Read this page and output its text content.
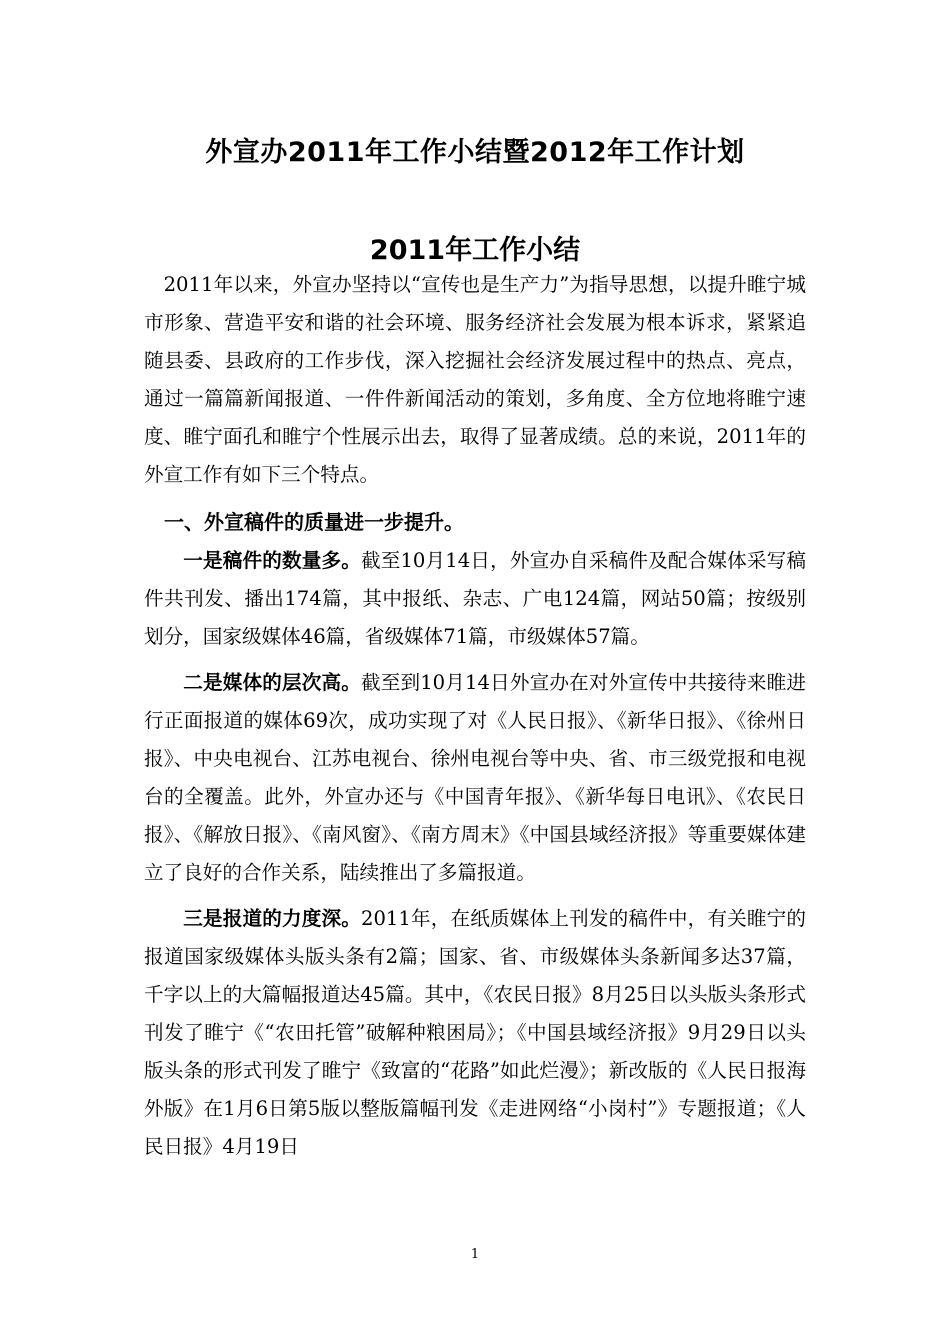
外宣办2011年工作小结暨2012年工作计划
2011年工作小结

2011年以来，外宣办坚持以“宣传也是生产力”为指导思想，以提升睢宁城市形象、营造平安和谐的社会环境、服务经济社会发展为根本诉求，紧紧追随县委、县政府的工作步伐，深入挖掘社会经济发展过程中的热点、亮点，通过一篇篇新闻报道、一件件新闻活动的策划，多角度、全方位地将睢宁速度、睢宁面孔和睢宁个性展示出去，取得了显著成绩。总的来说，2011年的外宣工作有如下三个特点。

一、外宣稿件的质量进一步提升。

一是稿件的数量多。截至10月14日，外宣办自采稿件及配合媒体采写稿件共刊发、播出174篇，其中报纸、杂志、广电124篇，网站50篇；按级别划分，国家级媒体46篇，省级媒体71篇，市级媒体57篇。

二是媒体的层次高。截至到10月14日外宣办在对外宣传中共接待来睢进行正面报道的媒体69次，成功实现了对《人民日报》、《新华日报》、《徐州日报》、中央电视台、江苏电视台、徐州电视台等中央、省、市三级党报和电视台的全覆盖。此外，外宣办还与《中国青年报》、《新华每日电讯》、《农民日报》、《解放日报》、《南风窗》、《南方周末》《中国县域经济报》等重要媒体建立了良好的合作关系，陆续推出了多篇报道。

三是报道的力度深。2011年，在纸质媒体上刊发的稿件中，有关睢宁的报道国家级媒体头版头条有2篇；国家、省、市级媒体头条新闻多达37篇，千字以上的大篇幅报道达45篇。其中，《农民日报》8月25日以头版头条形式刊发了睢宁《“农田托管”破解种粮困局》；《中国县域经济报》9月29日以头版头条的形式刊发了睢宁《致富的“花路”如此烂漫》；新改版的《人民日报海外版》在1月6日第5版以整版篇幅刊发《走进网络“小岗村”》专题报道；《人民日报》4月19日

1
